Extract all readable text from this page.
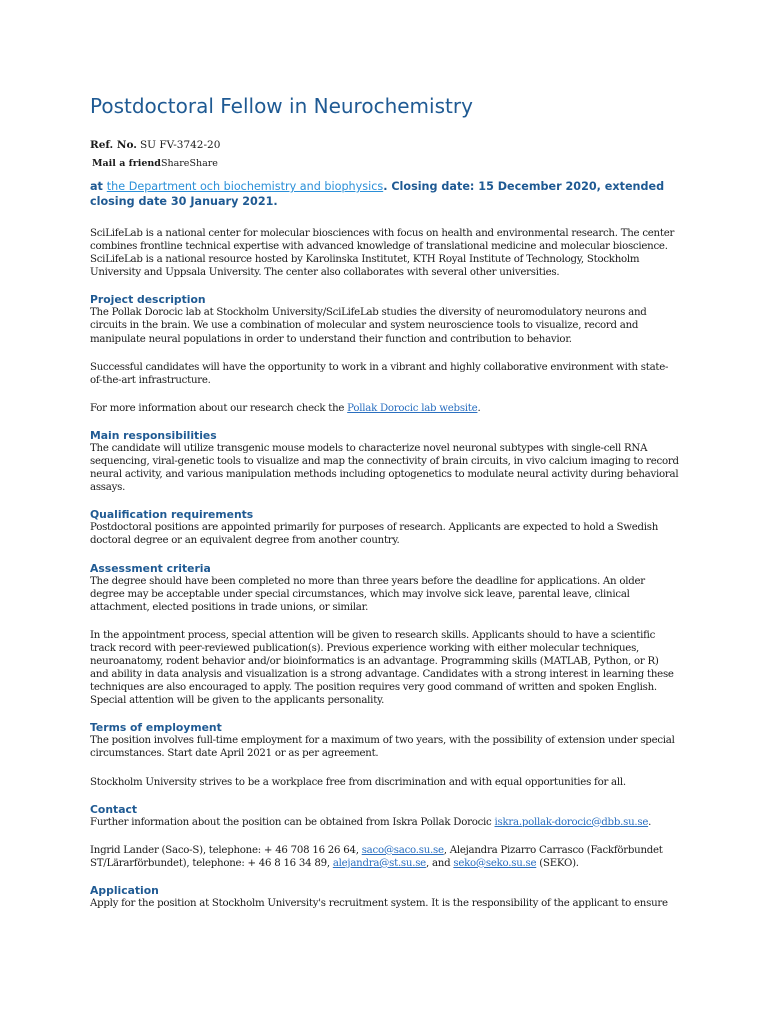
Postdoctoral Fellow in Neurochemistry

Ref. No. SU FV-3742-20

Mail a friendShareShare

at the Department och biochemistry and biophysics. Closing date: 15 December 2020, extended closing date 30 January 2021.

SciLifeLab is a national center for molecular biosciences with focus on health and environmental research. The center combines frontline technical expertise with advanced knowledge of translational medicine and molecular bioscience. SciLifeLab is a national resource hosted by Karolinska Institutet, KTH Royal Institute of Technology, Stockholm University and Uppsala University. The center also collaborates with several other universities.

Project description

The Pollak Dorocic lab at Stockholm University/SciLifeLab studies the diversity of neuromodulatory neurons and circuits in the brain. We use a combination of molecular and system neuroscience tools to visualize, record and manipulate neural populations in order to understand their function and contribution to behavior.

Successful candidates will have the opportunity to work in a vibrant and highly collaborative environment with state-of-the-art infrastructure.

For more information about our research check the Pollak Dorocic lab website.

Main responsibilities

The candidate will utilize transgenic mouse models to characterize novel neuronal subtypes with single-cell RNA sequencing, viral-genetic tools to visualize and map the connectivity of brain circuits, in vivo calcium imaging to record neural activity, and various manipulation methods including optogenetics to modulate neural activity during behavioral assays.

Qualification requirements

Postdoctoral positions are appointed primarily for purposes of research. Applicants are expected to hold a Swedish doctoral degree or an equivalent degree from another country.

Assessment criteria

The degree should have been completed no more than three years before the deadline for applications. An older degree may be acceptable under special circumstances, which may involve sick leave, parental leave, clinical attachment, elected positions in trade unions, or similar.

In the appointment process, special attention will be given to research skills. Applicants should to have a scientific track record with peer-reviewed publication(s). Previous experience working with either molecular techniques, neuroanatomy, rodent behavior and/or bioinformatics is an advantage. Programming skills (MATLAB, Python, or R) and ability in data analysis and visualization is a strong advantage. Candidates with a strong interest in learning these techniques are also encouraged to apply. The position requires very good command of written and spoken English. Special attention will be given to the applicants personality.

Terms of employment

The position involves full-time employment for a maximum of two years, with the possibility of extension under special circumstances. Start date April 2021 or as per agreement.

Stockholm University strives to be a workplace free from discrimination and with equal opportunities for all.

Contact

Further information about the position can be obtained from Iskra Pollak Dorocic iskra.pollak-dorocic@dbb.su.se.

Ingrid Lander (Saco-S), telephone: + 46 708 16 26 64, saco@saco.su.se, Alejandra Pizarro Carrasco (Fackförbundet ST/Lärarförbundet), telephone: + 46 8 16 34 89, alejandra@st.su.se, and seko@seko.su.se (SEKO).

Application

Apply for the position at Stockholm University's recruitment system. It is the responsibility of the applicant to ensure
